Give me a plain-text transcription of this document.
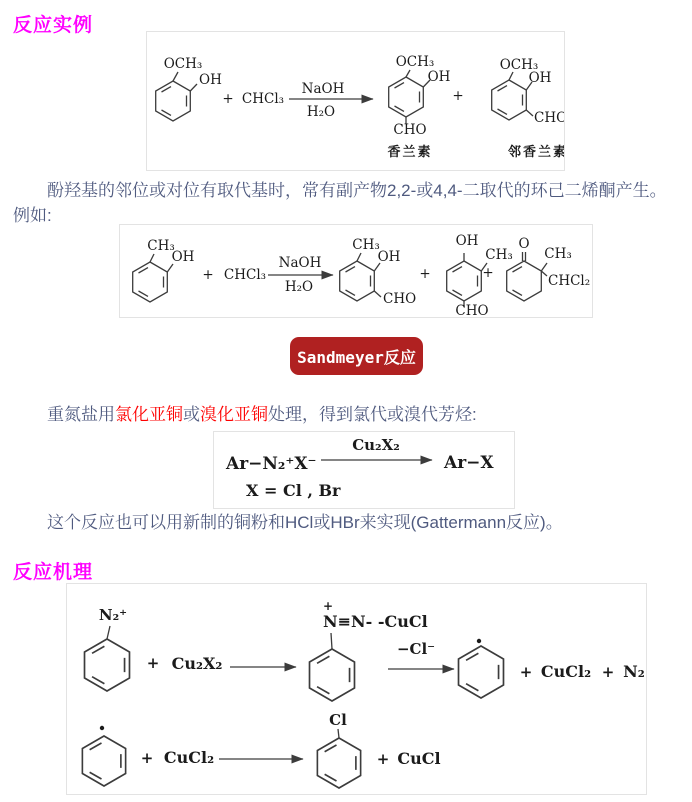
反应实例
OCH₃
OH
+ CHCl₃
NaOH
H₂O
OCH₃
OH
CHO
香兰素
+
OCH₃
OH
CHO
邻香兰素
酚羟基的邻位或对位有取代基时，常有副产物2,2-或4,4-二取代的环己二烯酮产生。
例如:
CH₃
OH
+ CHCl₃
NaOH
H₂O
CH₃
OH
CHO
+
OH
CH₃
CHO
+
O
CH₃
CHCl₂
Sandmeyer反应
重氮盐用氯化亚铜或溴化亚铜处理，得到氯代或溴代芳烃:
Ar−N₂⁺X⁻
Cu₂X₂
Ar−X
X = Cl , Br
这个反应也可以用新制的铜粉和HCl或HBr来实现(Gattermann反应)。
反应机理
N₂⁺
+ Cu₂X₂
+
N≡N- -CuCl
−Cl⁻
+ CuCl₂ + N₂
+ CuCl₂
Cl
+ CuCl
